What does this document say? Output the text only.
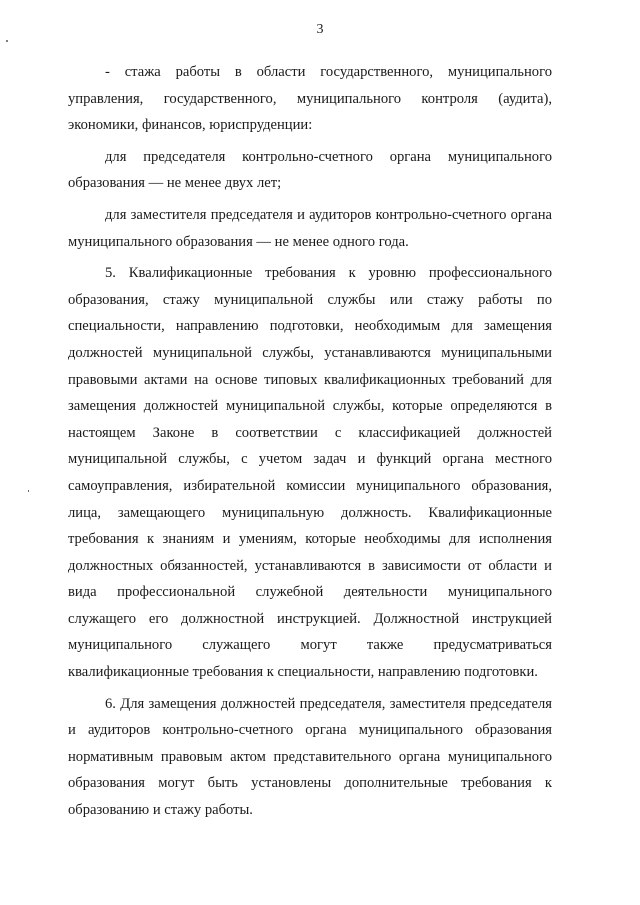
3

- стажа работы в области государственного, муниципального управления, государственного, муниципального контроля (аудита), экономики, финансов, юриспруденции:

для председателя контрольно-счетного органа муниципального образования — не менее двух лет;

для заместителя председателя и аудиторов контрольно-счетного органа муниципального образования — не менее одного года.

5. Квалификационные требования к уровню профессионального образования, стажу муниципальной службы или стажу работы по специальности, направлению подготовки, необходимым для замещения должностей муниципальной службы, устанавливаются муниципальными правовыми актами на основе типовых квалификационных требований для замещения должностей муниципальной службы, которые определяются в настоящем Законе в соответствии с классификацией должностей муниципальной службы, с учетом задач и функций органа местного самоуправления, избирательной комиссии муниципального образования, лица, замещающего муниципальную должность. Квалификационные требования к знаниям и умениям, которые необходимы для исполнения должностных обязанностей, устанавливаются в зависимости от области и вида профессиональной служебной деятельности муниципального служащего его должностной инструкцией. Должностной инструкцией муниципального служащего могут также предусматриваться квалификационные требования к специальности, направлению подготовки.

6. Для замещения должностей председателя, заместителя председателя и аудиторов контрольно-счетного органа муниципального образования нормативным правовым актом представительного органа муниципального образования могут быть установлены дополнительные требования к образованию и стажу работы.
